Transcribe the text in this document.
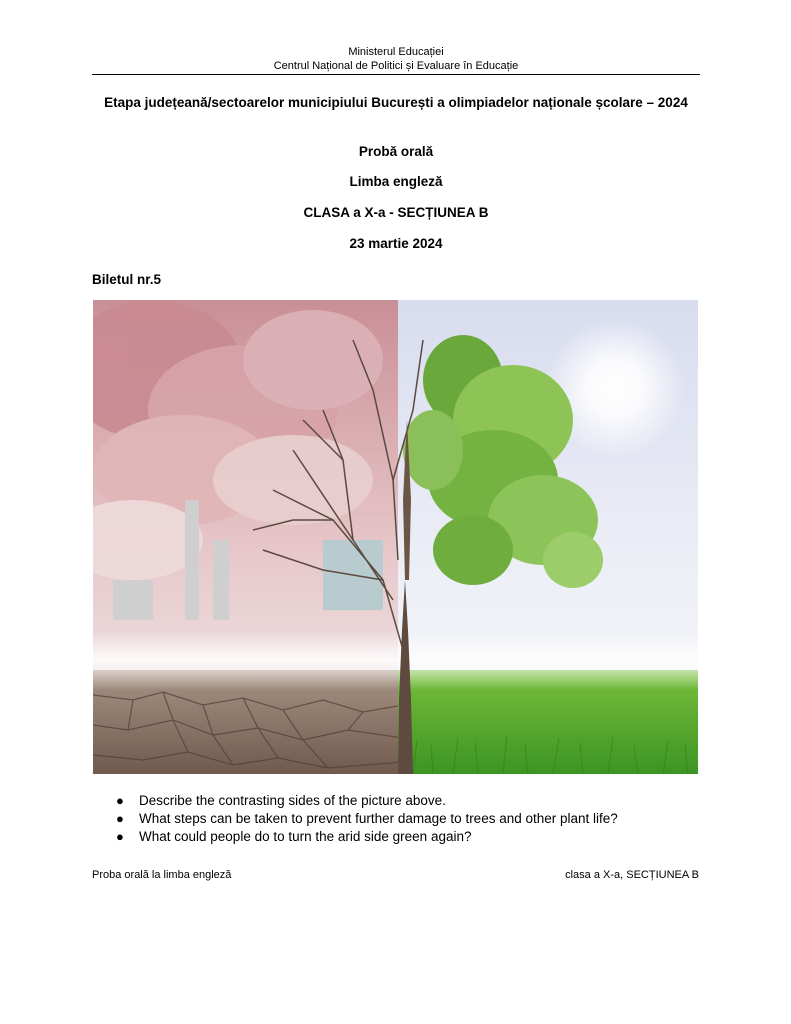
Ministerul Educației
Centrul Național de Politici și Evaluare în Educație
Etapa județeană/sectoarelor municipiului București a olimpiadelor naționale școlare – 2024
Probă orală
Limba engleză
CLASA a X-a - SECȚIUNEA B
23 martie 2024
Biletul nr.5
● Describe the contrasting sides of the picture above.
● What steps can be taken to prevent further damage to trees and other plant life?
● What could people do to turn the arid side green again?
Proba orală la limba engleză	clasa a X-a, SECȚIUNEA B
